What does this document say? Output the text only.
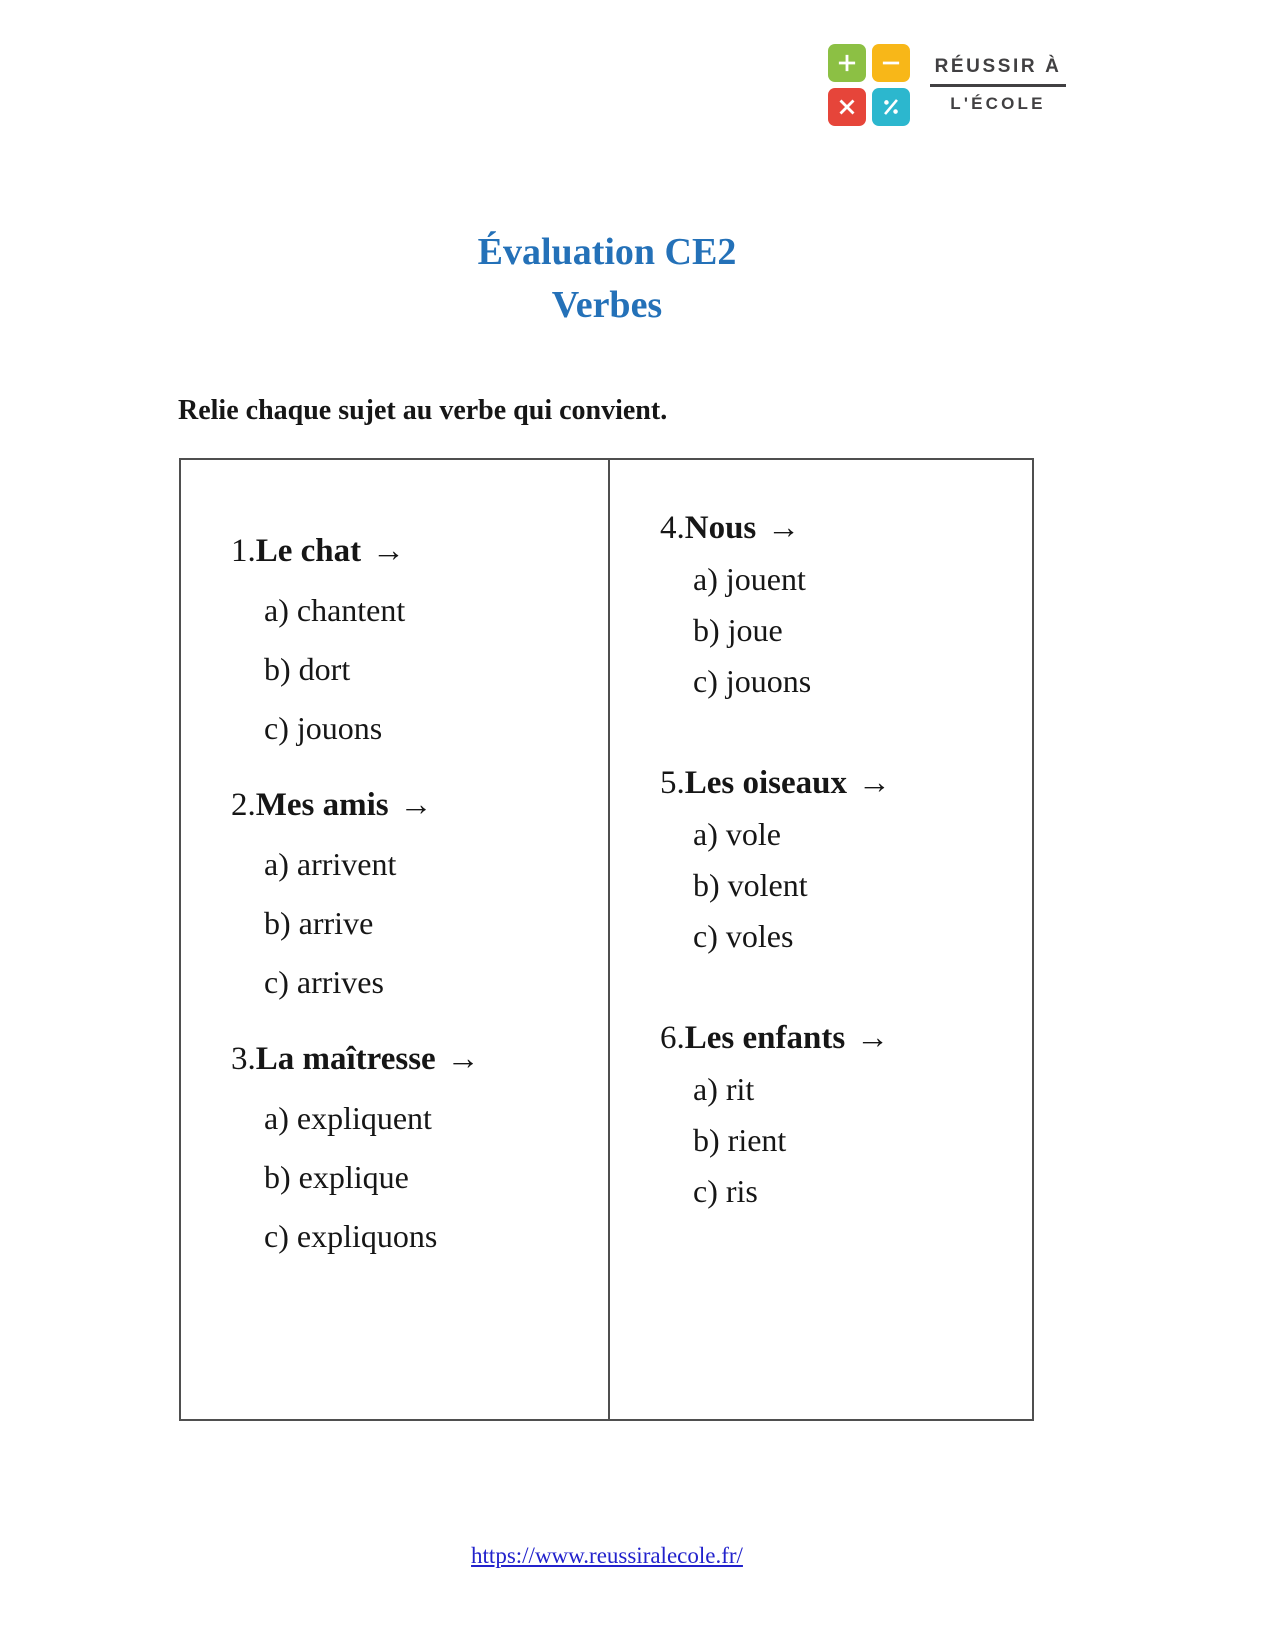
RÉUSSIR À
L'ÉCOLE
Évaluation CE2
Verbes
Relie chaque sujet au verbe qui convient.
1.Le chat →
a) chantent
b) dort
c) jouons
2.Mes amis →
a) arrivent
b) arrive
c) arrives
3.La maîtresse →
a) expliquent
b) explique
c) expliquons
4.Nous →
a) jouent
b) joue
c) jouons
5.Les oiseaux →
a) vole
b) volent
c) voles
6.Les enfants →
a) rit
b) rient
c) ris
https://www.reussiralecole.fr/
